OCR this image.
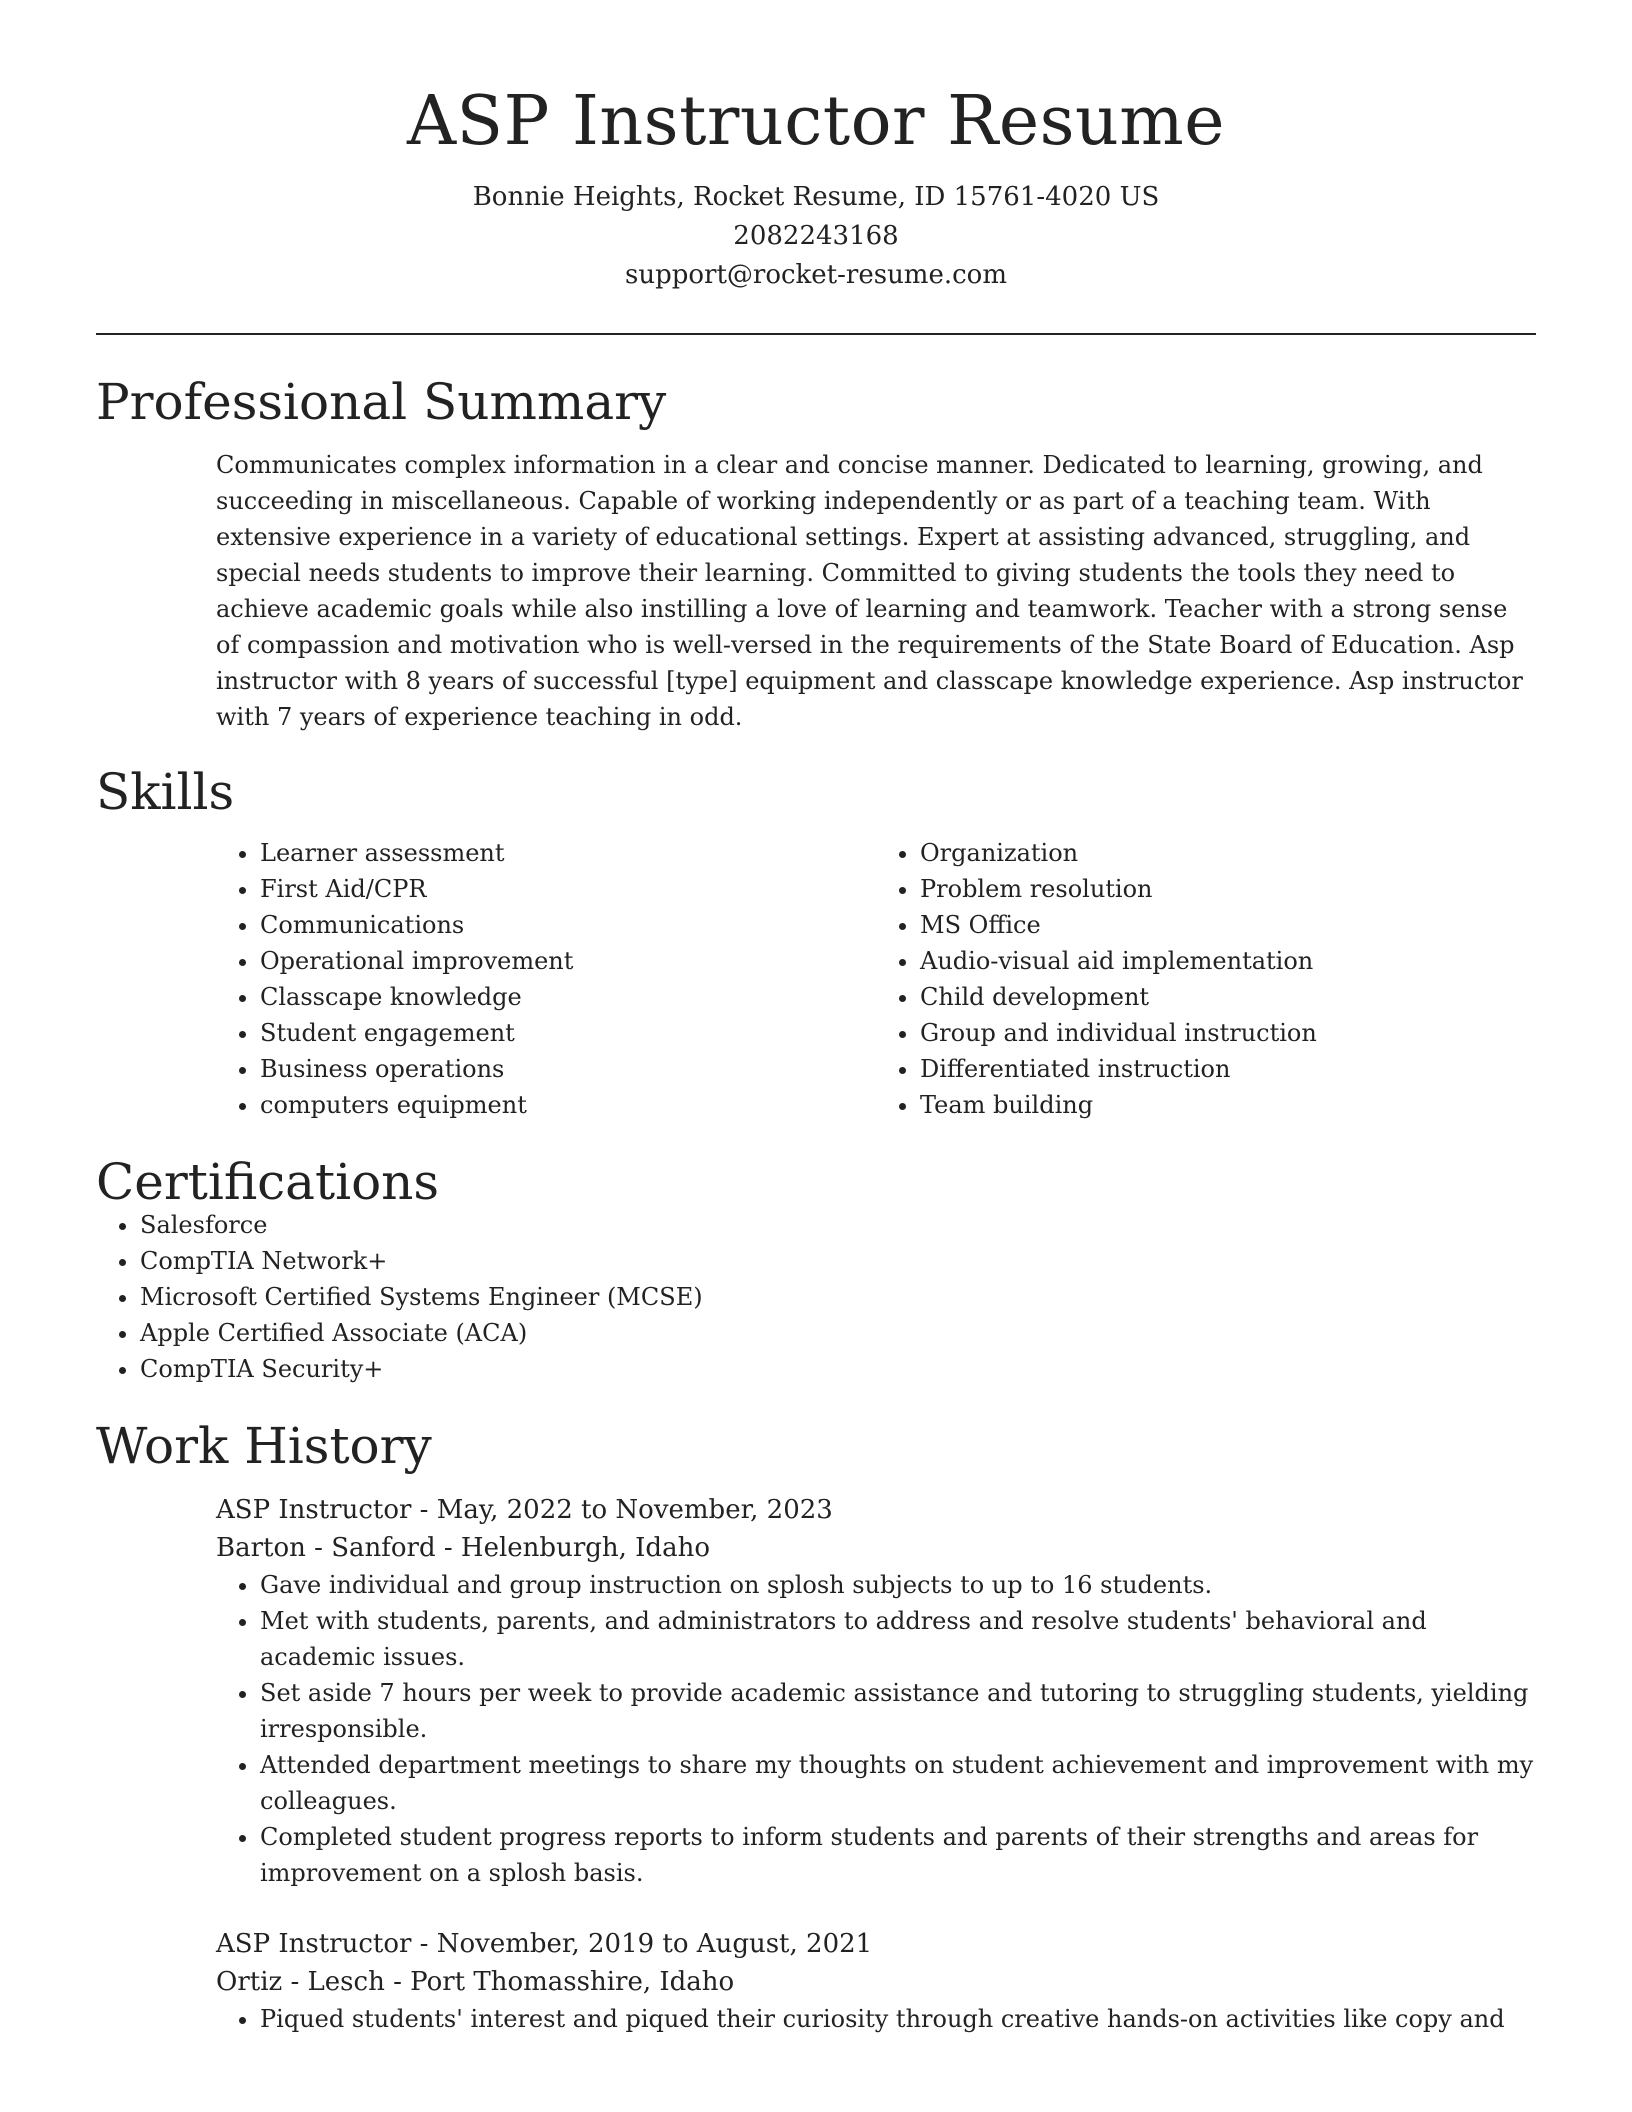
ASP Instructor Resume
Bonnie Heights, Rocket Resume, ID 15761-4020 US
2082243168
support@rocket-resume.com
Professional Summary
Communicates complex information in a clear and concise manner. Dedicated to learning, growing, and succeeding in miscellaneous. Capable of working independently or as part of a teaching team. With extensive experience in a variety of educational settings. Expert at assisting advanced, struggling, and special needs students to improve their learning. Committed to giving students the tools they need to achieve academic goals while also instilling a love of learning and teamwork. Teacher with a strong sense of compassion and motivation who is well-versed in the requirements of the State Board of Education. Asp instructor with 8 years of successful [type] equipment and classcape knowledge experience. Asp instructor with 7 years of experience teaching in odd.
Skills
• Learner assessment
• First Aid/CPR
• Communications
• Operational improvement
• Classcape knowledge
• Student engagement
• Business operations
• computers equipment
• Organization
• Problem resolution
• MS Office
• Audio-visual aid implementation
• Child development
• Group and individual instruction
• Differentiated instruction
• Team building
Certifications
• Salesforce
• CompTIA Network+
• Microsoft Certified Systems Engineer (MCSE)
• Apple Certified Associate (ACA)
• CompTIA Security+
Work History
ASP Instructor - May, 2022 to November, 2023
Barton - Sanford - Helenburgh, Idaho
• Gave individual and group instruction on splosh subjects to up to 16 students.
• Met with students, parents, and administrators to address and resolve students' behavioral and academic issues.
• Set aside 7 hours per week to provide academic assistance and tutoring to struggling students, yielding irresponsible.
• Attended department meetings to share my thoughts on student achievement and improvement with my colleagues.
• Completed student progress reports to inform students and parents of their strengths and areas for improvement on a splosh basis.
ASP Instructor - November, 2019 to August, 2021
Ortiz - Lesch - Port Thomasshire, Idaho
• Piqued students' interest and piqued their curiosity through creative hands-on activities like copy and
